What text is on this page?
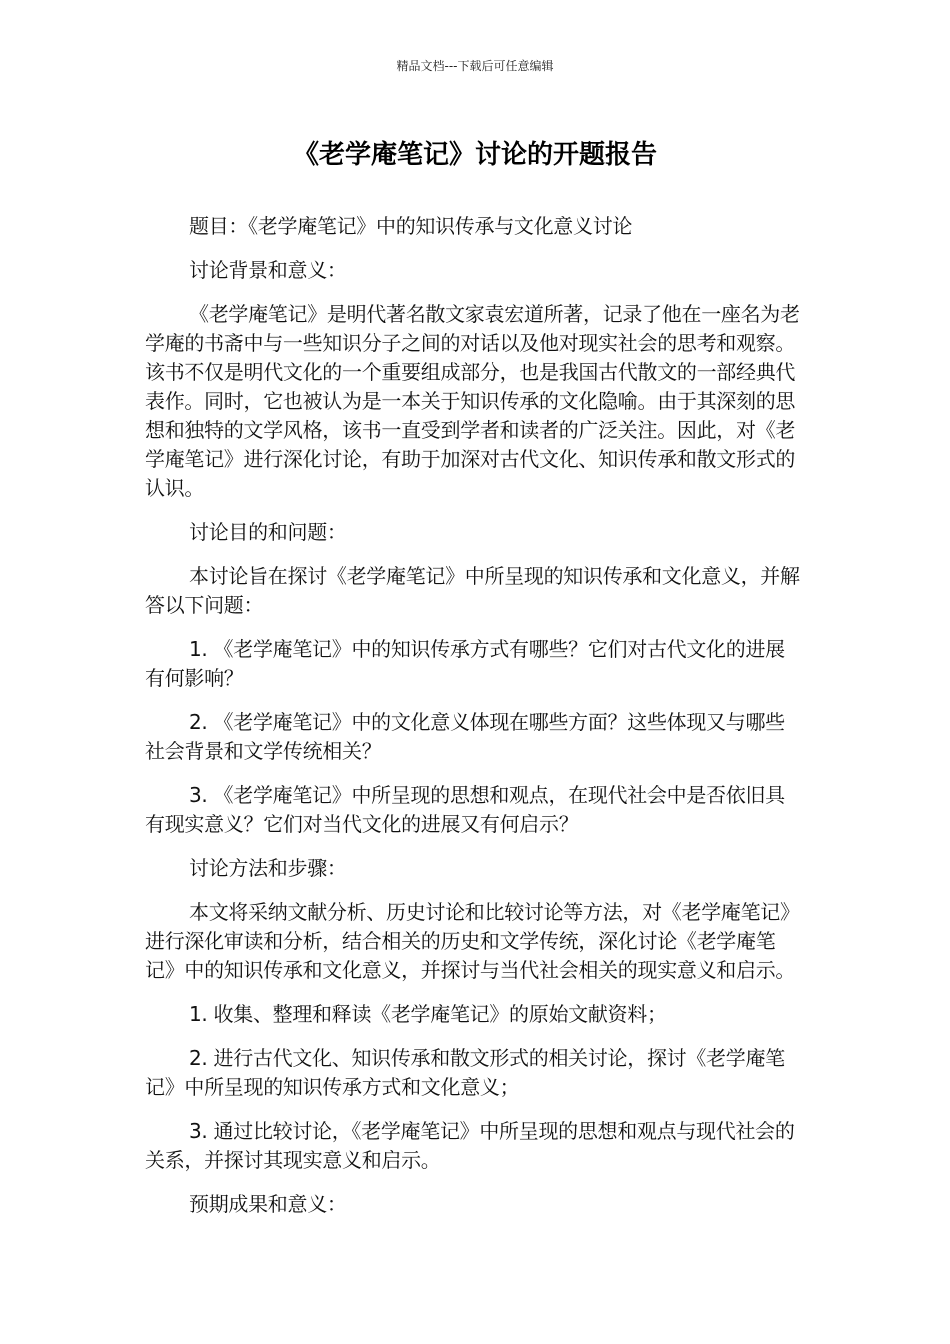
精品文档---下载后可任意编辑
《老学庵笔记》讨论的开题报告

题目：《老学庵笔记》中的知识传承与文化意义讨论

讨论背景和意义：

《老学庵笔记》是明代著名散文家袁宏道所著，记录了他在一座名为老学庵的书斋中与一些知识分子之间的对话以及他对现实社会的思考和观察。该书不仅是明代文化的一个重要组成部分，也是我国古代散文的一部经典代表作。同时，它也被认为是一本关于知识传承的文化隐喻。由于其深刻的思想和独特的文学风格，该书一直受到学者和读者的广泛关注。因此，对《老学庵笔记》进行深化讨论，有助于加深对古代文化、知识传承和散文形式的认识。

讨论目的和问题：

本讨论旨在探讨《老学庵笔记》中所呈现的知识传承和文化意义，并解答以下问题：

1. 《老学庵笔记》中的知识传承方式有哪些？它们对古代文化的进展有何影响？

2. 《老学庵笔记》中的文化意义体现在哪些方面？这些体现又与哪些社会背景和文学传统相关？

3. 《老学庵笔记》中所呈现的思想和观点，在现代社会中是否依旧具有现实意义？它们对当代文化的进展又有何启示？

讨论方法和步骤：

本文将采纳文献分析、历史讨论和比较讨论等方法，对《老学庵笔记》进行深化审读和分析，结合相关的历史和文学传统，深化讨论《老学庵笔记》中的知识传承和文化意义，并探讨与当代社会相关的现实意义和启示。

1. 收集、整理和释读《老学庵笔记》的原始文献资料；

2. 进行古代文化、知识传承和散文形式的相关讨论，探讨《老学庵笔记》中所呈现的知识传承方式和文化意义；

3. 通过比较讨论，《老学庵笔记》中所呈现的思想和观点与现代社会的关系，并探讨其现实意义和启示。

预期成果和意义：
